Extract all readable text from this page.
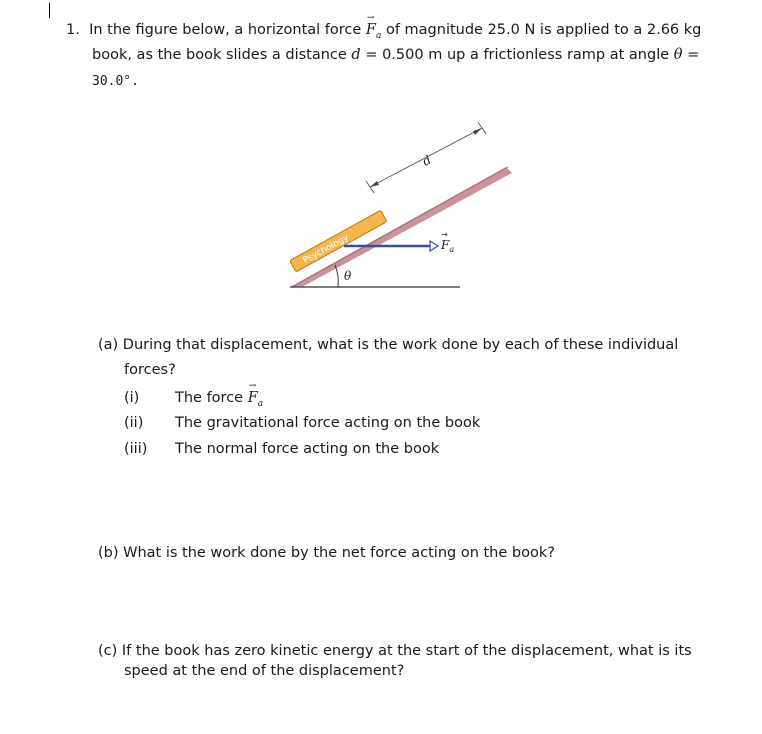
1. In the figure below, a horizontal force
→
$F_a$ of magnitude 25.0 N is applied to a 2.66 kg
book, as the book slides a distance d = 0.500 m up a frictionless ramp at angle θ =
30.0°.
θ
Psychology	$F_a$
→
d
(a) During that displacement, what is the work done by each of these individual
forces?
(i) The force
→
$F_a$
(ii) The gravitational force acting on the book
(iii) The normal force acting on the book
(b) What is the work done by the net force acting on the book?
(c) If the book has zero kinetic energy at the start of the displacement, what is its
speed at the end of the displacement?
